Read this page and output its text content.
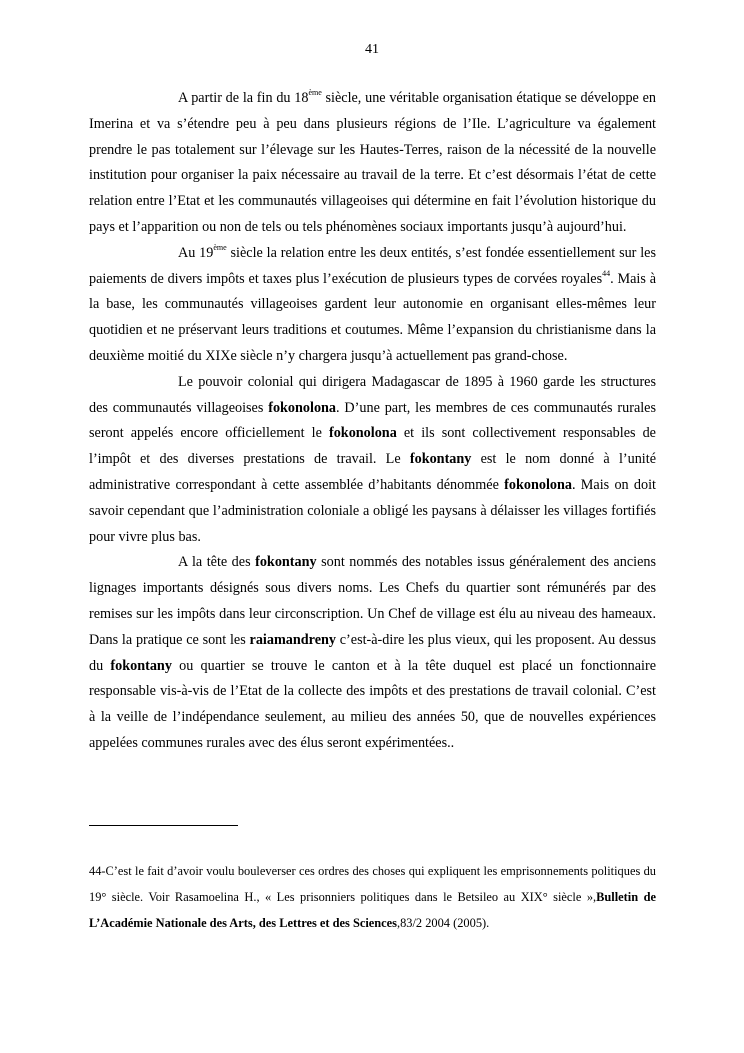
41

A partir de la fin du 18ème siècle, une véritable organisation étatique se développe en Imerina et va s’étendre peu à peu dans plusieurs régions de l’Ile. L’agriculture va également prendre le pas totalement sur l’élevage sur les Hautes-Terres, raison de la nécessité de la nouvelle institution pour organiser la paix nécessaire au travail de la terre. Et c’est désormais l’état de cette relation entre l’Etat et les communautés villageoises qui détermine en fait l’évolution historique du pays et l’apparition ou non de tels ou tels phénomènes sociaux importants jusqu’à aujourd’hui.

Au 19ème siècle la relation entre les deux entités, s’est fondée essentiellement sur les paiements de divers impôts et taxes plus l’exécution de plusieurs types de corvées royales$^{44}$. Mais à la base, les communautés villageoises gardent leur autonomie en organisant elles-mêmes leur quotidien et ne préservant leurs traditions et coutumes. Même l’expansion du christianisme dans la deuxième moitié du XIXe siècle n’y chargera jusqu’à actuellement pas grand-chose.

Le pouvoir colonial qui dirigera Madagascar de 1895 à 1960 garde les structures des communautés villageoises fokonolona. D’une part, les membres de ces communautés rurales seront appelés encore officiellement le fokonolona et ils sont collectivement responsables de l’impôt et des diverses prestations de travail. Le fokontany est le nom donné à l’unité administrative correspondant à cette assemblée d’habitants dénommée fokonolona. Mais on doit savoir cependant que l’administration coloniale a obligé les paysans à délaisser les villages fortifiés pour vivre plus bas.

A la tête des fokontany sont nommés des notables issus généralement des anciens lignages importants désignés sous divers noms. Les Chefs du quartier sont rémunérés par des remises sur les impôts dans leur circonscription. Un Chef de village est élu au niveau des hameaux. Dans la pratique ce sont les raiamandreny c’est-à-dire les plus vieux, qui les proposent. Au dessus du fokontany ou quartier se trouve le canton et à la tête duquel est placé un fonctionnaire responsable vis-à-vis de l’Etat de la collecte des impôts et des prestations de travail colonial. C’est à la veille de l’indépendance seulement, au milieu des années 50, que de nouvelles expériences appelées communes rurales avec des élus seront expérimentées..

44-C’est le fait d’avoir voulu bouleverser ces ordres des choses qui expliquent les emprisonnements politiques du 19° siècle. Voir Rasamoelina H., « Les prisonniers politiques dans le Betsileo au XIX° siècle »,Bulletin de L’Académie Nationale des Arts, des Lettres et des Sciences,83/2 2004 (2005).
